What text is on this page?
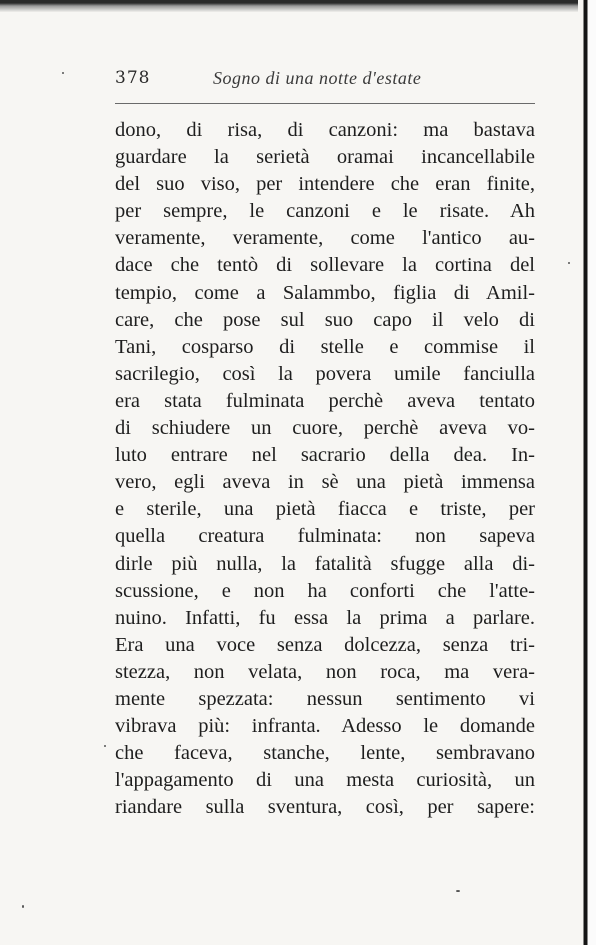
378	Sogno di una notte d'estate
dono, di risa, di canzoni: ma bastava
guardare la serietà oramai incancellabile
del suo viso, per intendere che eran finite,
per sempre, le canzoni e le risate. Ah
veramente, veramente, come l'antico au-
dace che tentò di sollevare la cortina del
tempio, come a Salammbo, figlia di Amil-
care, che pose sul suo capo il velo di
Tani, cosparso di stelle e commise il
sacrilegio, così la povera umile fanciulla
era stata fulminata perchè aveva tentato
di schiudere un cuore, perchè aveva vo-
luto entrare nel sacrario della dea. In-
vero, egli aveva in sè una pietà immensa
e sterile, una pietà fiacca e triste, per
quella creatura fulminata: non sapeva
dirle più nulla, la fatalità sfugge alla di-
scussione, e non ha conforti che l'atte-
nuino. Infatti, fu essa la prima a parlare.
Era una voce senza dolcezza, senza tri-
stezza, non velata, non roca, ma vera-
mente spezzata: nessun sentimento vi
vibrava più: infranta. Adesso le domande
che faceva, stanche, lente, sembravano
l'appagamento di una mesta curiosità, un
riandare sulla sventura, così, per sapere:
